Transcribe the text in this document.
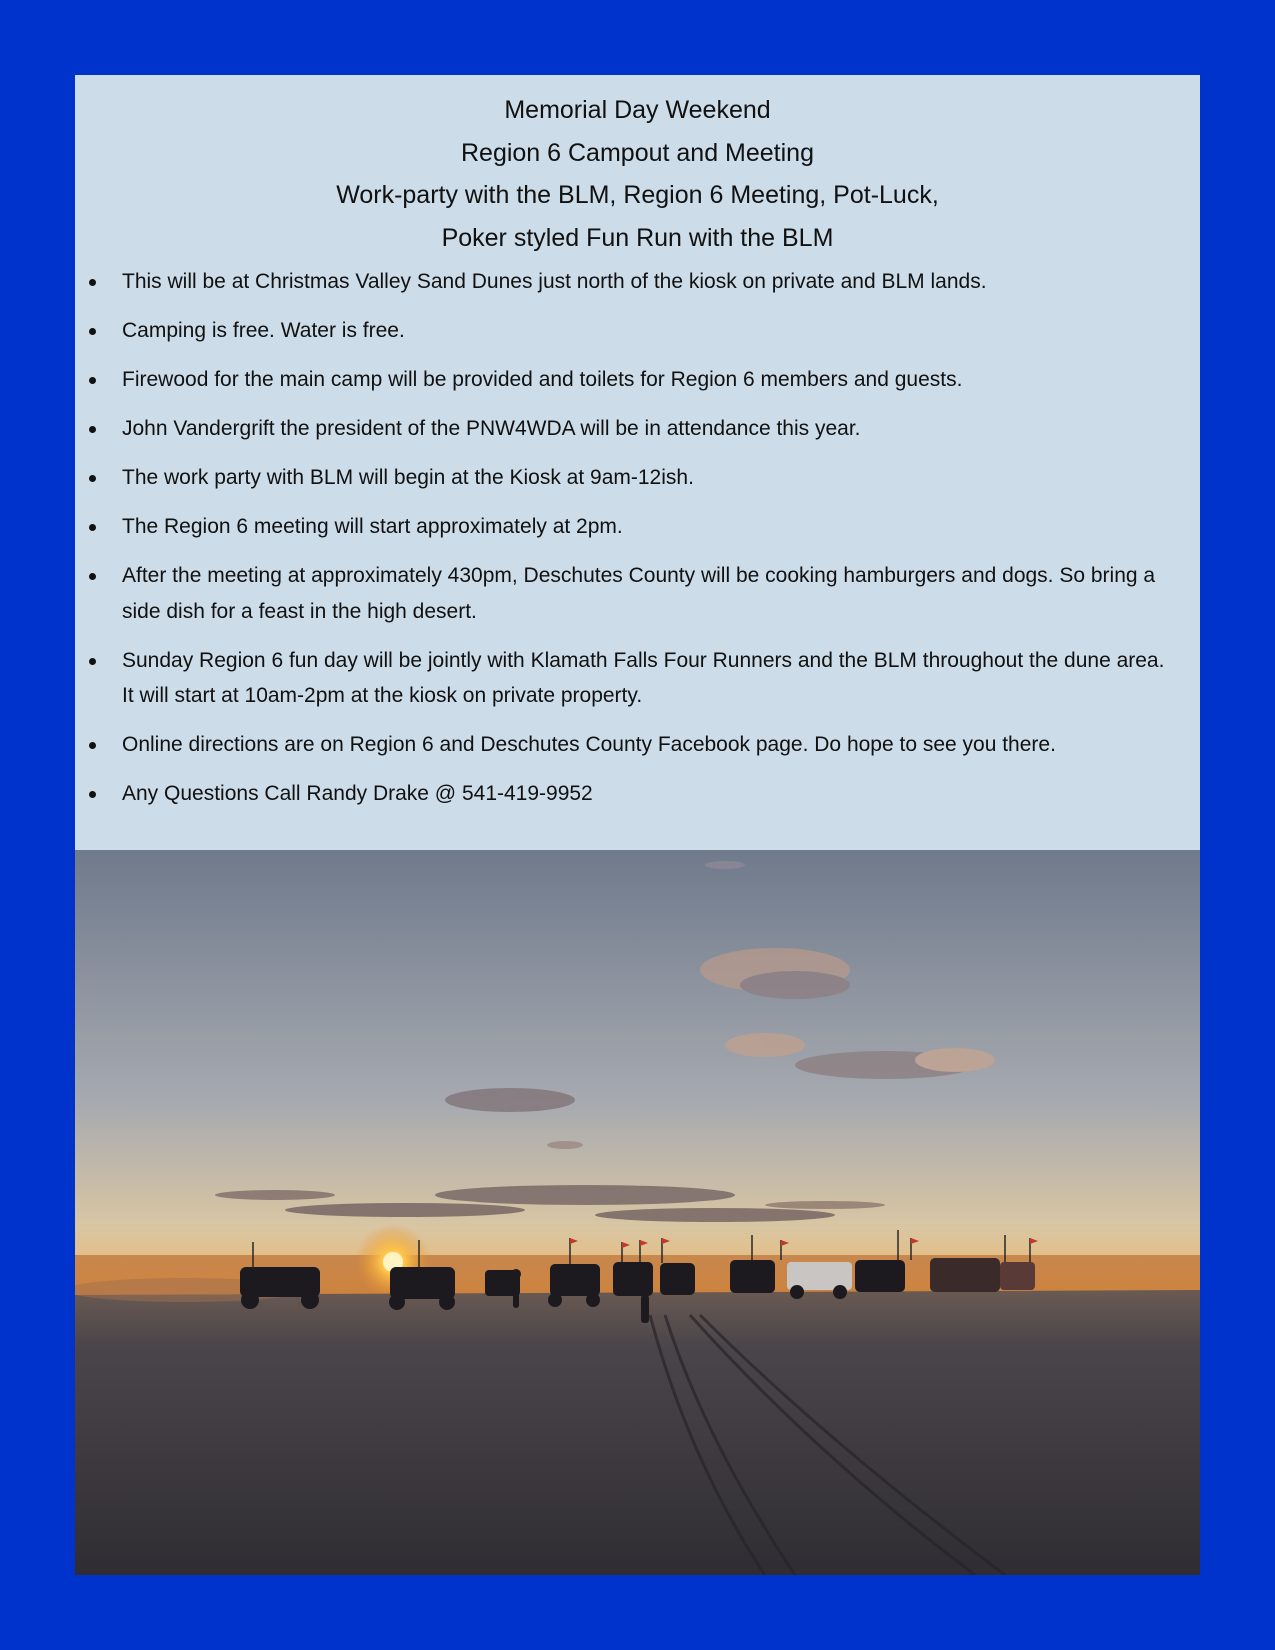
Memorial Day Weekend
Region 6 Campout and Meeting
Work-party with the BLM, Region 6 Meeting, Pot-Luck,
Poker styled Fun Run with the BLM
This will be at Christmas Valley Sand Dunes just north of the kiosk on private and BLM lands.
Camping is free. Water is free.
Firewood for the main camp will be provided and toilets for Region 6 members and guests.
John Vandergrift the president of the PNW4WDA will be in attendance this year.
The work party with BLM will begin at the Kiosk at 9am-12ish.
The Region 6 meeting will start approximately at 2pm.
After the meeting at approximately 430pm, Deschutes County will be cooking hamburgers and dogs. So bring a side dish for a feast in the high desert.
Sunday Region 6 fun day will be jointly with Klamath Falls Four Runners and the BLM throughout the dune area. It will start at 10am-2pm at the kiosk on private property.
Online directions are on Region 6 and Deschutes County Facebook page. Do hope to see you there.
Any Questions Call Randy Drake @ 541-419-9952
